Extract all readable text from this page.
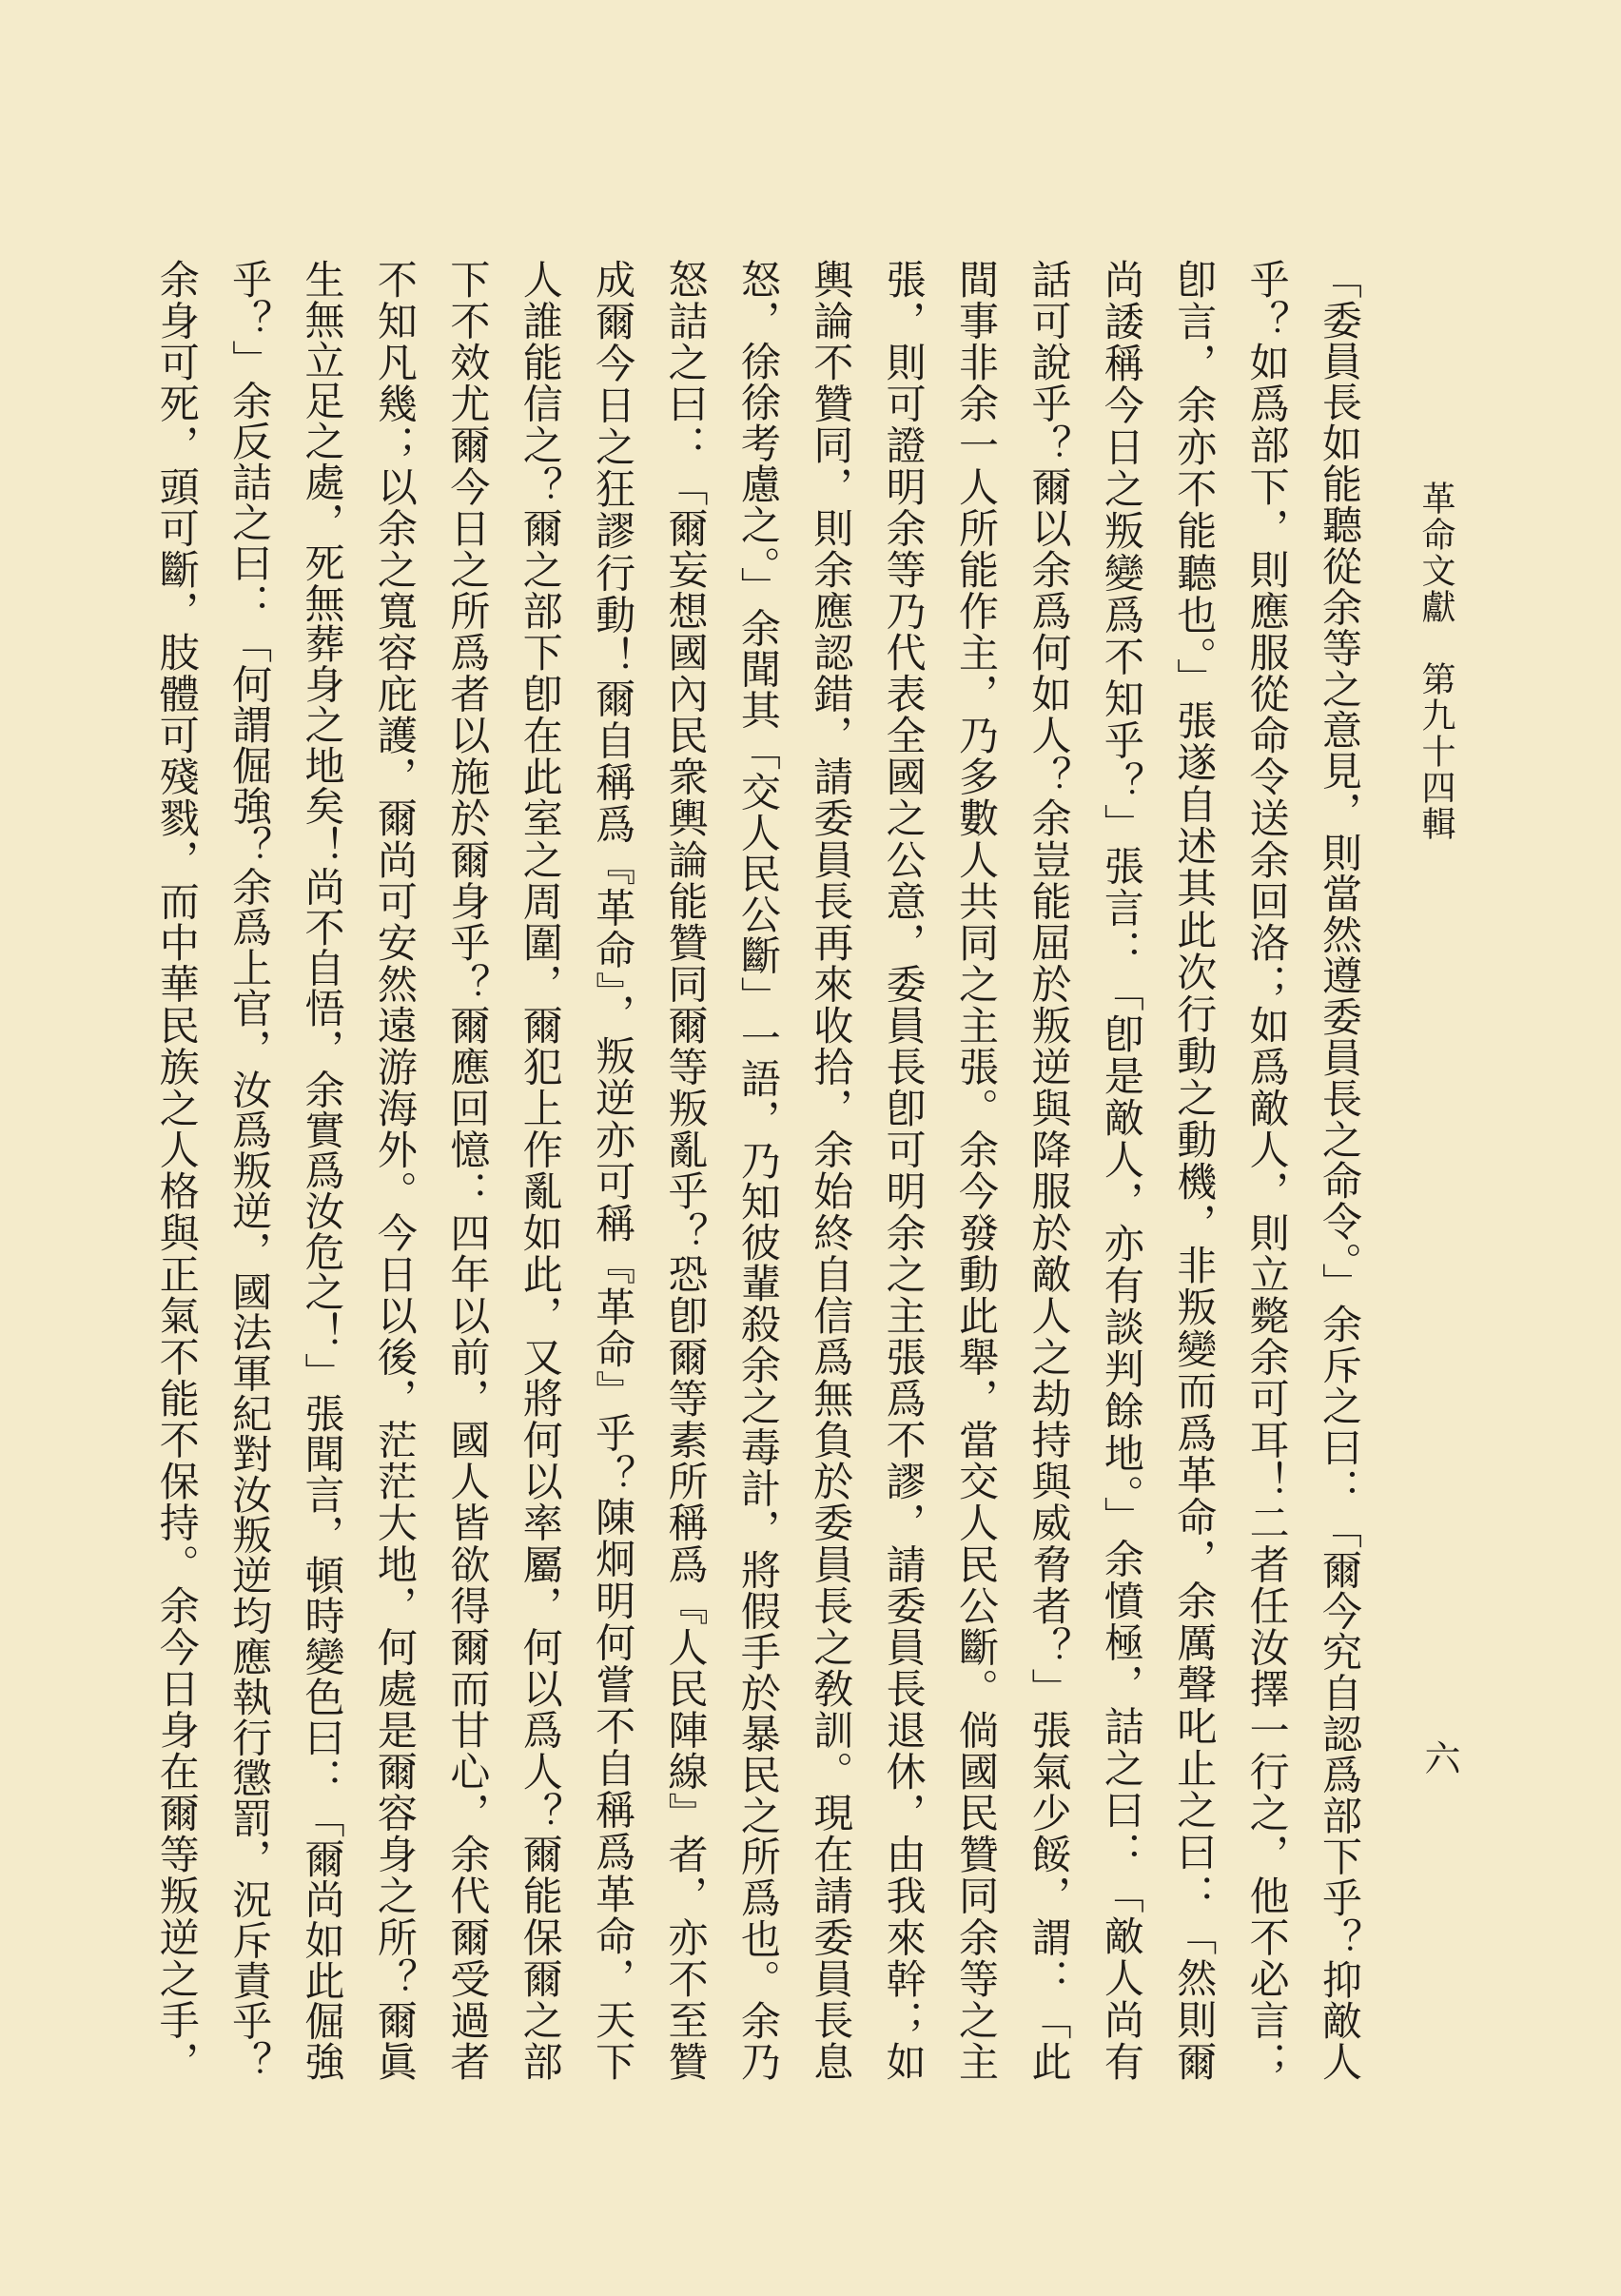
革命文獻　第九十四輯
六
「委員長如能聽從余等之意見，則當然遵委員長之命令。」余斥之曰：「爾今究自認爲部下乎？抑敵人
乎？如爲部下，則應服從命令送余回洛；如爲敵人，則立斃余可耳！二者任汝擇一行之，他不必言；
卽言，余亦不能聽也。」張遂自述其此次行動之動機，非叛變而爲革命，余厲聲叱止之曰：「然則爾
尚諉稱今日之叛變爲不知乎？」張言：「卽是敵人，亦有談判餘地。」余憤極，詰之曰：「敵人尚有
話可說乎？爾以余爲何如人？余豈能屈於叛逆與降服於敵人之劫持與威脅者？」張氣少餒，謂：「此
間事非余一人所能作主，乃多數人共同之主張。余今發動此舉，當交人民公斷。倘國民贊同余等之主
張，則可證明余等乃代表全國之公意，委員長卽可明余之主張爲不謬，請委員長退休，由我來幹；如
輿論不贊同，則余應認錯，請委員長再來收拾，余始終自信爲無負於委員長之敎訓。現在請委員長息
怒，徐徐考慮之。」余聞其「交人民公斷」一語，乃知彼輩殺余之毒計，將假手於暴民之所爲也。余乃
怒詰之曰：「爾妄想國內民衆輿論能贊同爾等叛亂乎？恐卽爾等素所稱爲『人民陣線』者，亦不至贊
成爾今日之狂謬行動！爾自稱爲『革命』，叛逆亦可稱『革命』乎？陳炯明何嘗不自稱爲革命，天下
人誰能信之？爾之部下卽在此室之周圍，爾犯上作亂如此，又將何以率屬，何以爲人？爾能保爾之部
下不效尤爾今日之所爲者以施於爾身乎？爾應回憶：四年以前，國人皆欲得爾而甘心，余代爾受過者
不知凡幾；以余之寬容庇護，爾尚可安然遠游海外。今日以後，茫茫大地，何處是爾容身之所？爾眞
生無立足之處，死無葬身之地矣！尚不自悟，余實爲汝危之！」張聞言，頓時變色曰：「爾尚如此倔強
乎？」余反詰之曰：「何謂倔強？余爲上官，汝爲叛逆，國法軍紀對汝叛逆均應執行懲罰，況斥責乎？
余身可死，頭可斷，肢體可殘戮，而中華民族之人格與正氣不能不保持。余今日身在爾等叛逆之手，
